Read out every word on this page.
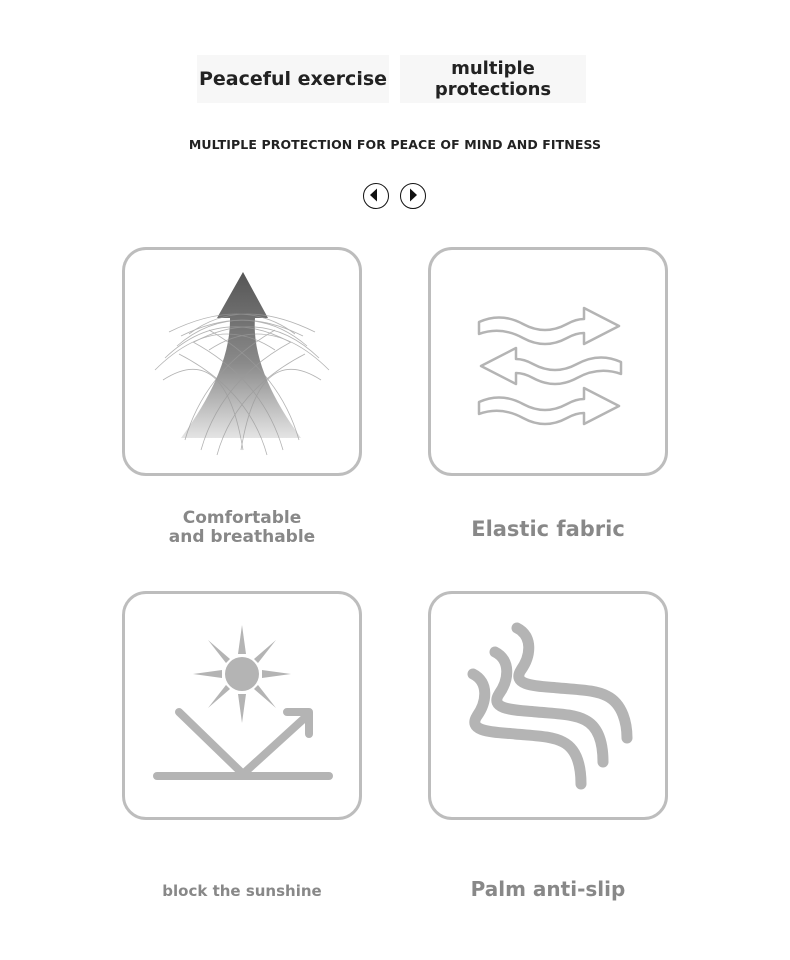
Peaceful exercise	multiple
protections
MULTIPLE PROTECTION FOR PEACE OF MIND AND FITNESS
Comfortable
and breathable	Elastic fabric
block the sunshine	Palm anti-slip
